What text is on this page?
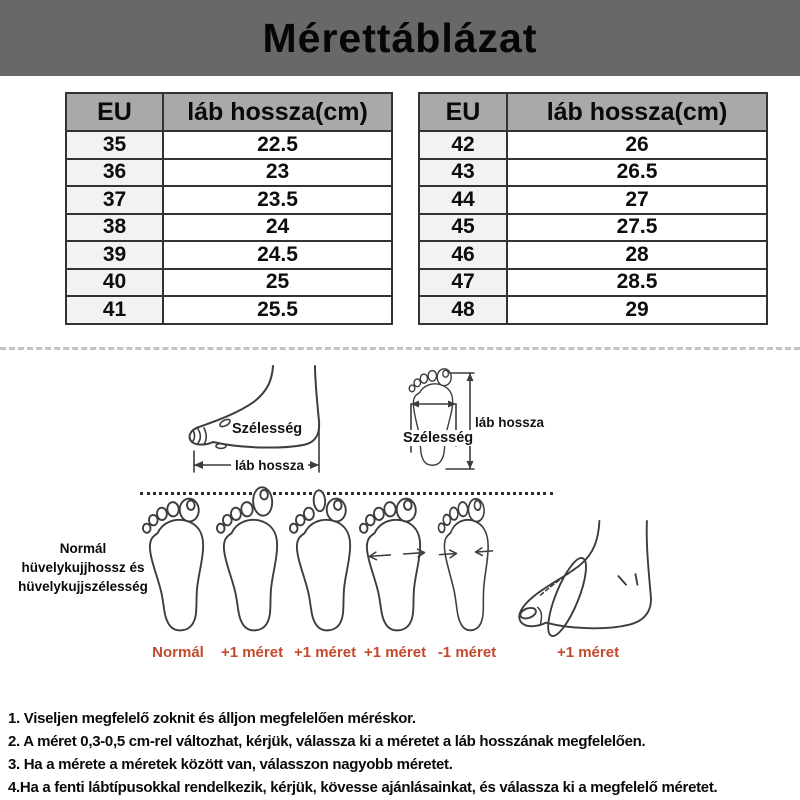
Mérettáblázat
EU	láb hossza(cm)
35	22.5
36	23
37	23.5
38	24
39	24.5
40	25
41	25.5
EU	láb hossza(cm)
42	26
43	26.5
44	27
45	27.5
46	28
47	28.5
48	29
Szélesség
láb hossza
Szélesség
láb hossza
Normál
hüvelykujjhossz és
hüvelykujjszélesség
Normál	+1 méret +1 méret +1 méret -1 méret	+1 méret
1. Viseljen megfelelő zoknit és álljon megfelelően méréskor.
2. A méret 0,3-0,5 cm-rel változhat, kérjük, válassza ki a méretet a láb hosszának megfelelően.
3. Ha a mérete a méretek között van, válasszon nagyobb méretet.
4.Ha a fenti lábtípusokkal rendelkezik, kérjük, kövesse ajánlásainkat, és válassza ki a megfelelő méretet.
